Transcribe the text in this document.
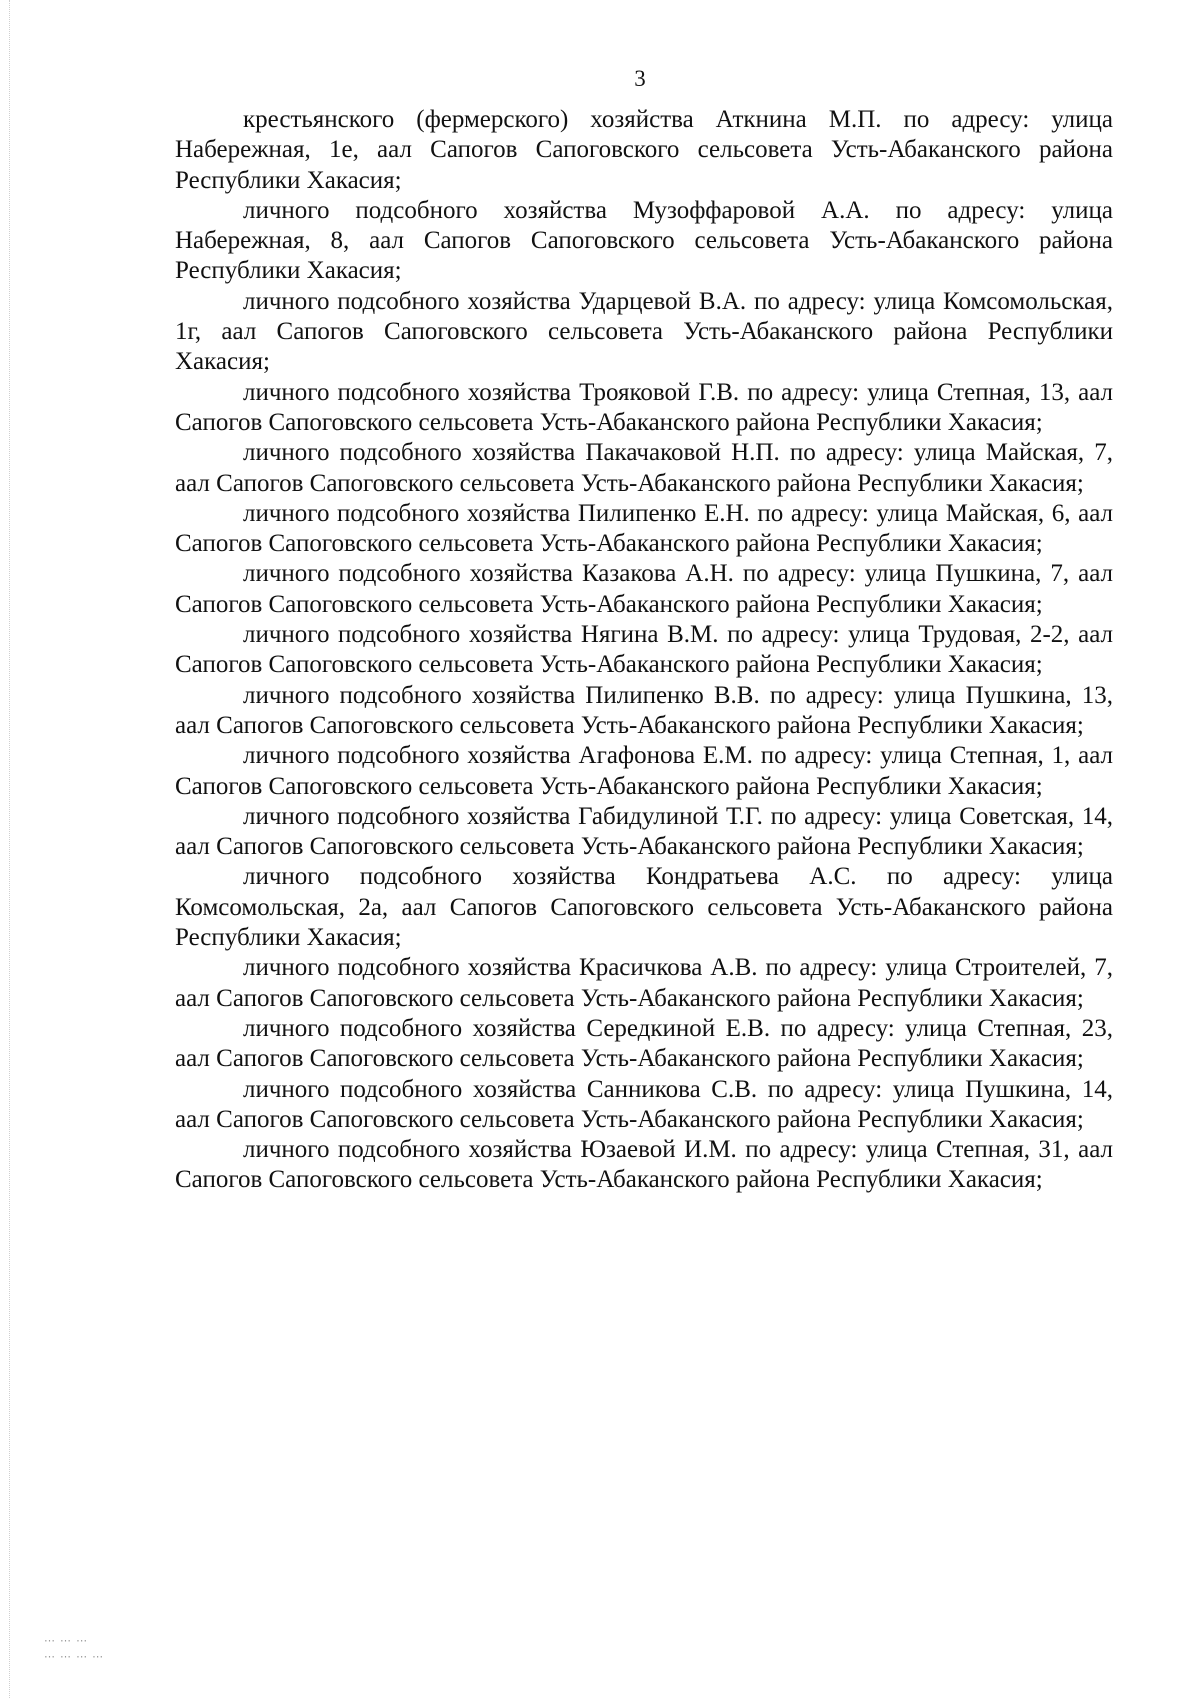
3

крестьянского (фермерского) хозяйства Аткнина М.П. по адресу: улица Набережная, 1е, аал Сапогов Сапоговского сельсовета Усть-Абаканского района Республики Хакасия;

личного подсобного хозяйства Музоффаровой А.А. по адресу: улица Набережная, 8, аал Сапогов Сапоговского сельсовета Усть-Абаканского района Республики Хакасия;

личного подсобного хозяйства Ударцевой В.А. по адресу: улица Комсомольская, 1г, аал Сапогов Сапоговского сельсовета Усть-Абаканского района Республики Хакасия;

личного подсобного хозяйства Трояковой Г.В. по адресу: улица Степная, 13, аал Сапогов Сапоговского сельсовета Усть-Абаканского района Республики Хакасия;

личного подсобного хозяйства Пакачаковой Н.П. по адресу: улица Майская, 7, аал Сапогов Сапоговского сельсовета Усть-Абаканского района Республики Хакасия;

личного подсобного хозяйства Пилипенко Е.Н. по адресу: улица Майская, 6, аал Сапогов Сапоговского сельсовета Усть-Абаканского района Республики Хакасия;

личного подсобного хозяйства Казакова А.Н. по адресу: улица Пушкина, 7, аал Сапогов Сапоговского сельсовета Усть-Абаканского района Республики Хакасия;

личного подсобного хозяйства Нягина В.М. по адресу: улица Трудовая, 2-2, аал Сапогов Сапоговского сельсовета Усть-Абаканского района Республики Хакасия;

личного подсобного хозяйства Пилипенко В.В. по адресу: улица Пушкина, 13, аал Сапогов Сапоговского сельсовета Усть-Абаканского района Республики Хакасия;

личного подсобного хозяйства Агафонова Е.М. по адресу: улица Степная, 1, аал Сапогов Сапоговского сельсовета Усть-Абаканского района Республики Хакасия;

личного подсобного хозяйства Габидулиной Т.Г. по адресу: улица Советская, 14, аал Сапогов Сапоговского сельсовета Усть-Абаканского района Республики Хакасия;

личного подсобного хозяйства Кондратьева А.С. по адресу: улица Комсомольская, 2а, аал Сапогов Сапоговского сельсовета Усть-Абаканского района Республики Хакасия;

личного подсобного хозяйства Красичкова А.В. по адресу: улица Строителей, 7, аал Сапогов Сапоговского сельсовета Усть-Абаканского района Республики Хакасия;

личного подсобного хозяйства Середкиной Е.В. по адресу: улица Степная, 23, аал Сапогов Сапоговского сельсовета Усть-Абаканского района Республики Хакасия;

личного подсобного хозяйства Санникова С.В. по адресу: улица Пушкина, 14, аал Сапогов Сапоговского сельсовета Усть-Абаканского района Республики Хакасия;

личного подсобного хозяйства Юзаевой И.М. по адресу: улица Степная, 31, аал Сапогов Сапоговского сельсовета Усть-Абаканского района Республики Хакасия;

⋯ ⋯ ⋯
⋯ ⋯ ⋯ ⋯
